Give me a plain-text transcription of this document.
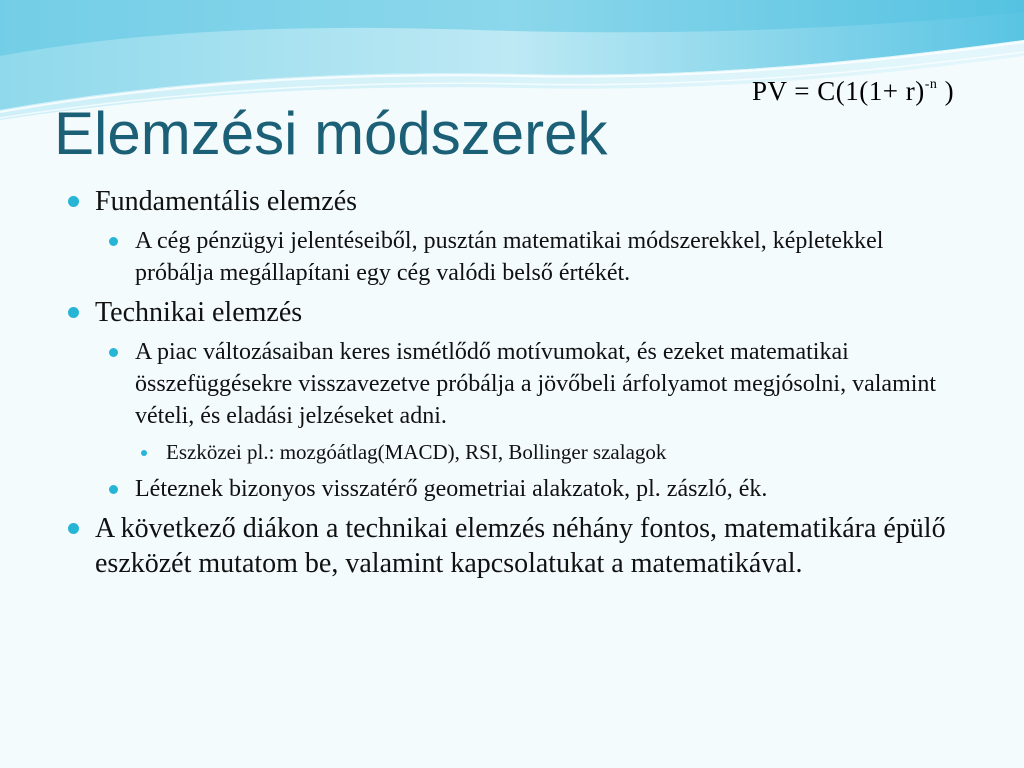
PV = $C(1(1+ r)^{-n}$ )
Elemzési módszerek
Fundamentális elemzés
A cég pénzügyi jelentéseiből, pusztán matematikai módszerekkel, képletekkel próbálja megállapítani egy cég valódi belső értékét.
Technikai elemzés
A piac változásaiban keres ismétlődő motívumokat, és ezeket matematikai összefüggésekre visszavezetve próbálja a jövőbeli árfolyamot megjósolni, valamint vételi, és eladási jelzéseket adni.
Eszközei pl.: mozgóátlag(MACD), RSI, Bollinger szalagok
Léteznek bizonyos visszatérő geometriai alakzatok, pl. zászló, ék.
A következő diákon a technikai elemzés néhány fontos, matematikára épülő eszközét mutatom be, valamint kapcsolatukat a matematikával.
